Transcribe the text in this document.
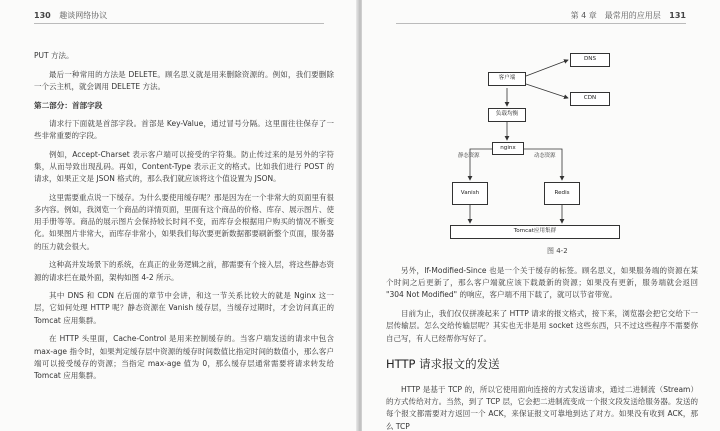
130 趣谈网络协议

PUT 方法。

最后一种常用的方法是 DELETE。顾名思义就是用来删除资源的。例如，我们要删除一个云主机，就会调用 DELETE 方法。

第二部分：首部字段

请求行下面就是首部字段。首部是 Key-Value，通过冒号分隔。这里面往往保存了一些非常重要的字段。

例如，Accept-Charset 表示客户端可以接受的字符集。防止传过来的是另外的字符集，从而导致出现乱码。再如，Content-Type 表示正文的格式。比如我们进行 POST 的请求，如果正文是 JSON 格式的，那么我们就应该将这个值设置为 JSON。

这里需要重点说一下缓存。为什么要使用缓存呢？那是因为在一个非常大的页面里有很多内容。例如，我浏览一个商品的详情页面，里面有这个商品的价格、库存、展示图片、使用手册等等。商品的展示图片会保持较长时间不变，而库存会根据用户购买的情况不断变化。如果图片非常大，而库存非常小，如果我们每次要更新数据都要刷新整个页面，服务器的压力就会很大。

这种高并发场景下的系统，在真正的业务逻辑之前，都需要有个接入层，将这些静态资源的请求拦在最外面，架构如图 4-2 所示。

其中 DNS 和 CDN 在后面的章节中会讲，和这一节关系比较大的就是 Nginx 这一层，它如何处理 HTTP 呢？静态资源在 Vanish 缓存层，当缓存过期时，才会访问真正的 Tomcat 应用集群。

在 HTTP 头里面，Cache-Control 是用来控制缓存的。当客户端发送的请求中包含 max-age 指令时，如果判定缓存层中资源的缓存时间数值比指定时间的数值小，那么客户端可以接受缓存的资源；当指定 max-age 值为 0，那么缓存层通常需要将请求转发给 Tomcat 应用集群。

第 4 章　最常用的应用层 131
DNS
客户端
CDN
负载均衡
nginx
静态资源	动态资源
Vanish	Redis
Tomcat应用集群
图 4-2

另外，If-Modified-Since 也是一个关于缓存的标签。顾名思义，如果服务端的资源在某个时间之后更新了，那么客户端就应该下载最新的资源；如果没有更新，服务端就会返回 "304 Not Modified" 的响应，客户端不用下载了，就可以节省带宽。

目前为止，我们仅仅拼凑起来了 HTTP 请求的报文格式，接下来，浏览器会把它交给下一层传输层。怎么交给传输层呢？其实也无非是用 socket 这些东西，只不过这些程序不需要你自己写，有人已经帮你写好了。

HTTP 请求报文的发送

HTTP 是基于 TCP 的，所以它使用面向连接的方式发送请求，通过二进制流（Stream）的方式传给对方。当然，到了 TCP 层，它会把二进制流变成一个报文段发送给服务器。发送的每个报文都需要对方返回一个 ACK，来保证报文可靠地到达了对方。如果没有收到 ACK，那么 TCP
